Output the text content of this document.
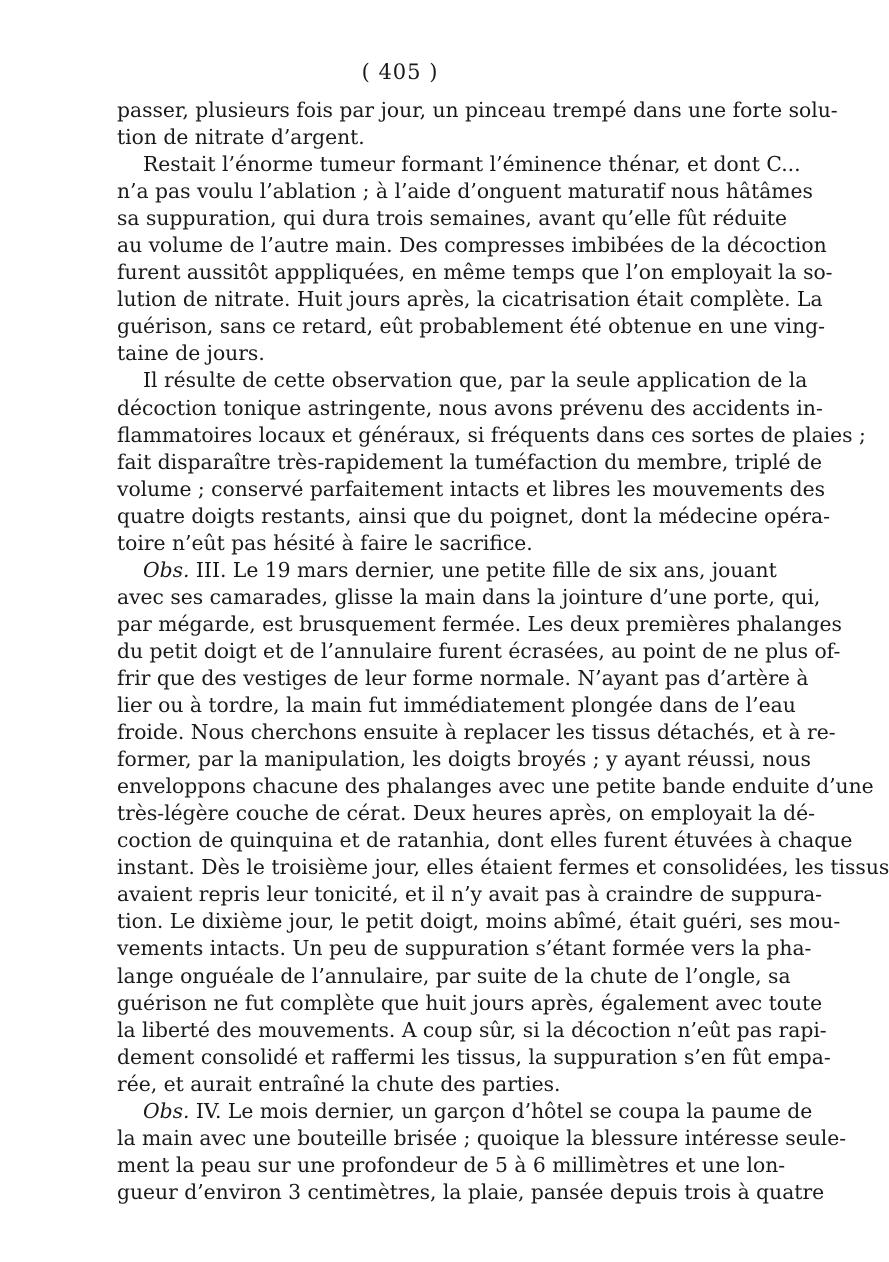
( 405 )
passer, plusieurs fois par jour, un pinceau trempé dans une forte solu-
tion de nitrate d’argent.
Restait l’énorme tumeur formant l’éminence thénar, et dont C...
n’a pas voulu l’ablation ; à l’aide d’onguent maturatif nous hâtâmes
sa suppuration, qui dura trois semaines, avant qu’elle fût réduite
au volume de l’autre main. Des compresses imbibées de la décoction
furent aussitôt apppliquées, en même temps que l’on employait la so-
lution de nitrate. Huit jours après, la cicatrisation était complète. La
guérison, sans ce retard, eût probablement été obtenue en une ving-
taine de jours.
Il résulte de cette observation que, par la seule application de la
décoction tonique astringente, nous avons prévenu des accidents in-
flammatoires locaux et généraux, si fréquents dans ces sortes de plaies ;
fait disparaître très-rapidement la tuméfaction du membre, triplé de
volume ; conservé parfaitement intacts et libres les mouvements des
quatre doigts restants, ainsi que du poignet, dont la médecine opéra-
toire n’eût pas hésité à faire le sacrifice.
Obs. III. Le 19 mars dernier, une petite fille de six ans, jouant
avec ses camarades, glisse la main dans la jointure d’une porte, qui,
par mégarde, est brusquement fermée. Les deux premières phalanges
du petit doigt et de l’annulaire furent écrasées, au point de ne plus of-
frir que des vestiges de leur forme normale. N’ayant pas d’artère à
lier ou à tordre, la main fut immédiatement plongée dans de l’eau
froide. Nous cherchons ensuite à replacer les tissus détachés, et à re-
former, par la manipulation, les doigts broyés ; y ayant réussi, nous
enveloppons chacune des phalanges avec une petite bande enduite d’une
très-légère couche de cérat. Deux heures après, on employait la dé-
coction de quinquina et de ratanhia, dont elles furent étuvées à chaque
instant. Dès le troisième jour, elles étaient fermes et consolidées, les tissus
avaient repris leur tonicité, et il n’y avait pas à craindre de suppura-
tion. Le dixième jour, le petit doigt, moins abîmé, était guéri, ses mou-
vements intacts. Un peu de suppuration s’étant formée vers la pha-
lange onguéale de l’annulaire, par suite de la chute de l’ongle, sa
guérison ne fut complète que huit jours après, également avec toute
la liberté des mouvements. A coup sûr, si la décoction n’eût pas rapi-
dement consolidé et raffermi les tissus, la suppuration s’en fût empa-
rée, et aurait entraîné la chute des parties.
Obs. IV. Le mois dernier, un garçon d’hôtel se coupa la paume de
la main avec une bouteille brisée ; quoique la blessure intéresse seule-
ment la peau sur une profondeur de 5 à 6 millimètres et une lon-
gueur d’environ 3 centimètres, la plaie, pansée depuis trois à quatre
